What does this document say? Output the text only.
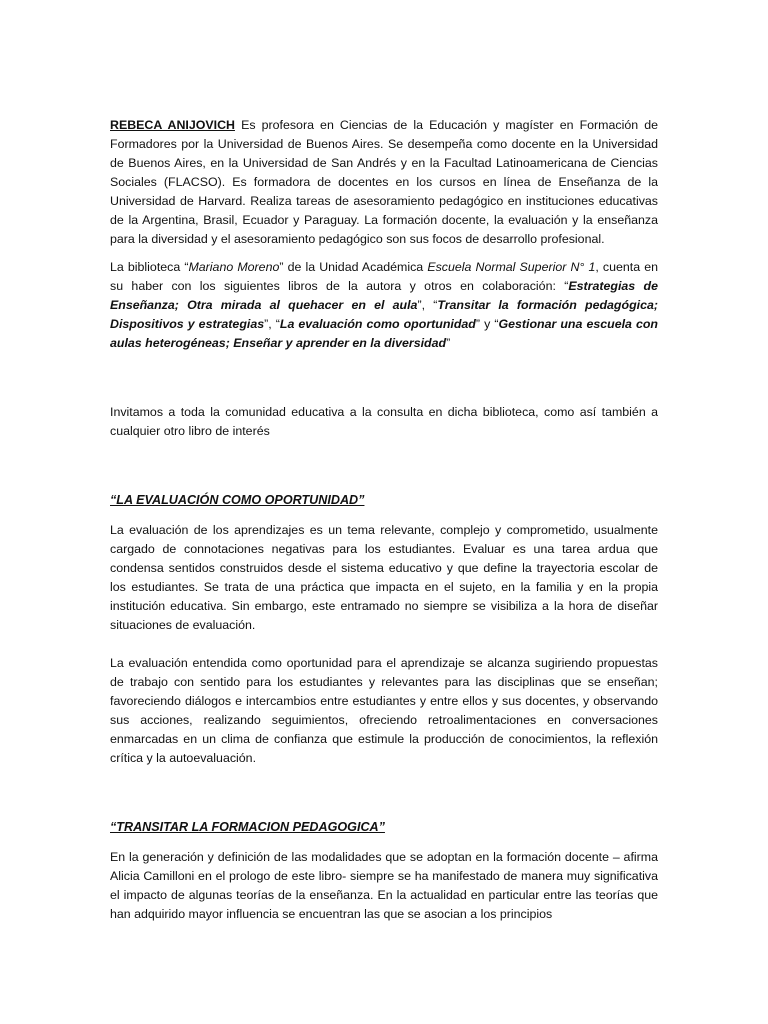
REBECA ANIJOVICH Es profesora en Ciencias de la Educación y magíster en Formación de Formadores por la Universidad de Buenos Aires. Se desempeña como docente en la Universidad de Buenos Aires, en la Universidad de San Andrés y en la Facultad Latinoamericana de Ciencias Sociales (FLACSO). Es formadora de docentes en los cursos en línea de Enseñanza de la Universidad de Harvard. Realiza tareas de asesoramiento pedagógico en instituciones educativas de la Argentina, Brasil, Ecuador y Paraguay. La formación docente, la evaluación y la enseñanza para la diversidad y el asesoramiento pedagógico son sus focos de desarrollo profesional.

La biblioteca “Mariano Moreno” de la Unidad Académica Escuela Normal Superior N° 1, cuenta en su haber con los siguientes libros de la autora y otros en colaboración: “Estrategias de Enseñanza; Otra mirada al quehacer en el aula”, “Transitar la formación pedagógica; Dispositivos y estrategias”, “La evaluación como oportunidad” y “Gestionar una escuela con aulas heterogéneas; Enseñar y aprender en la diversidad”

Invitamos a toda la comunidad educativa a la consulta en dicha biblioteca, como así también a cualquier otro libro de interés

“LA EVALUACIÓN COMO OPORTUNIDAD”

La evaluación de los aprendizajes es un tema relevante, complejo y comprometido, usualmente cargado de connotaciones negativas para los estudiantes. Evaluar es una tarea ardua que condensa sentidos construidos desde el sistema educativo y que define la trayectoria escolar de los estudiantes. Se trata de una práctica que impacta en el sujeto, en la familia y en la propia institución educativa. Sin embargo, este entramado no siempre se visibiliza a la hora de diseñar situaciones de evaluación.

La evaluación entendida como oportunidad para el aprendizaje se alcanza sugiriendo propuestas de trabajo con sentido para los estudiantes y relevantes para las disciplinas que se enseñan; favoreciendo diálogos e intercambios entre estudiantes y entre ellos y sus docentes, y observando sus acciones, realizando seguimientos, ofreciendo retroalimentaciones en conversaciones enmarcadas en un clima de confianza que estimule la producción de conocimientos, la reflexión crítica y la autoevaluación.

“TRANSITAR LA FORMACION PEDAGOGICA”

En la generación y definición de las modalidades que se adoptan en la formación docente – afirma Alicia Camilloni en el prologo de este libro- siempre se ha manifestado de manera muy significativa el impacto de algunas teorías de la enseñanza. En la actualidad en particular entre las teorías que han adquirido mayor influencia se encuentran las que se asocian a los principios
